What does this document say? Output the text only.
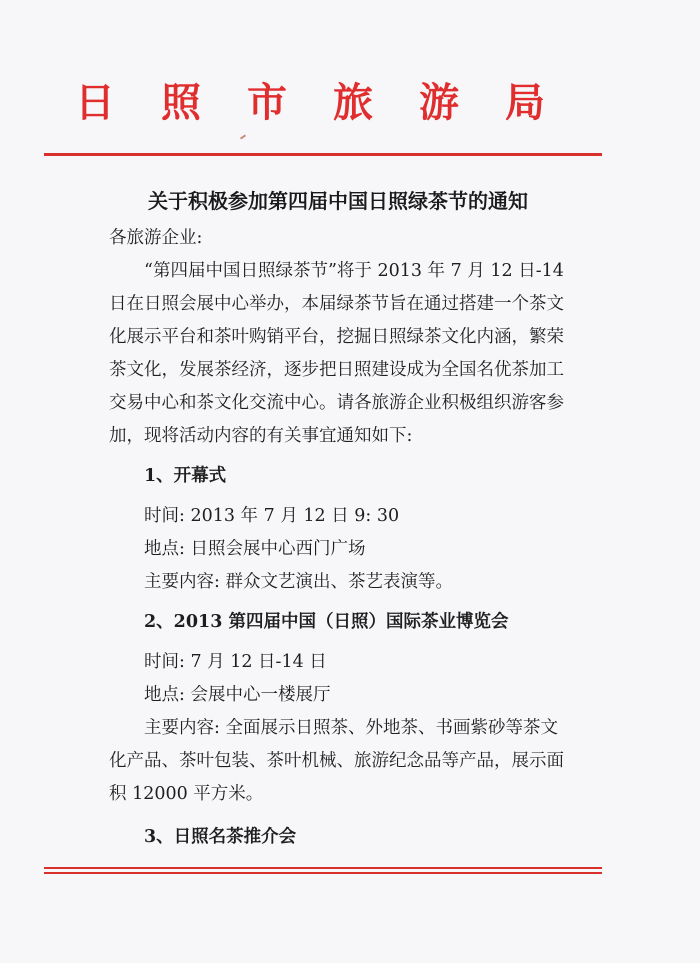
日 照 市 旅 游 局
关于积极参加第四届中国日照绿茶节的通知
各旅游企业:
“第四届中国日照绿茶节”将于 2013 年 7 月 12 日-14
日在日照会展中心举办，本届绿茶节旨在通过搭建一个茶文
化展示平台和茶叶购销平台，挖掘日照绿茶文化内涵，繁荣
茶文化，发展茶经济，逐步把日照建设成为全国名优茶加工
交易中心和茶文化交流中心。请各旅游企业积极组织游客参
加，现将活动内容的有关事宜通知如下:
1、开幕式
时间: 2013 年 7 月 12 日 9: 30
地点: 日照会展中心西门广场
主要内容: 群众文艺演出、茶艺表演等。
2、2013 第四届中国（日照）国际茶业博览会
时间: 7 月 12 日-14 日
地点: 会展中心一楼展厅
主要内容: 全面展示日照茶、外地茶、书画紫砂等茶文
化产品、茶叶包装、茶叶机械、旅游纪念品等产品，展示面
积 12000 平方米。
3、日照名茶推介会
